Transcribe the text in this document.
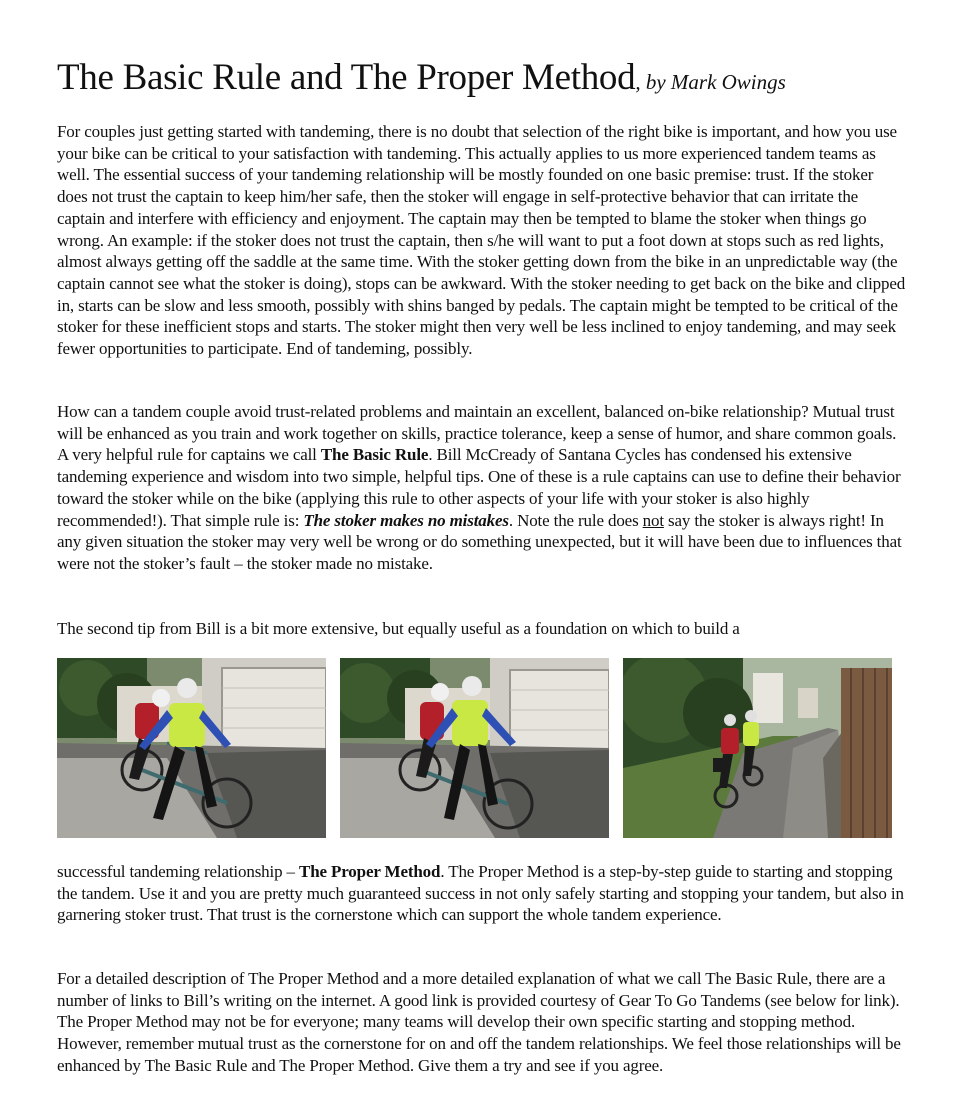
The Basic Rule and The Proper Method, by Mark Owings

For couples just getting started with tandeming, there is no doubt that selection of the right bike is important, and how you use your bike can be critical to your satisfaction with tandeming. This actually applies to us more experienced tandem teams as well. The essential success of your tandeming relationship will be mostly founded on one basic premise: trust. If the stoker does not trust the captain to keep him/her safe, then the stoker will engage in self-protective behavior that can irritate the captain and interfere with efficiency and enjoyment. The captain may then be tempted to blame the stoker when things go wrong. An example: if the stoker does not trust the captain, then s/he will want to put a foot down at stops such as red lights, almost always getting off the saddle at the same time. With the stoker getting down from the bike in an unpredictable way (the captain cannot see what the stoker is doing), stops can be awkward. With the stoker needing to get back on the bike and clipped in, starts can be slow and less smooth, possibly with shins banged by pedals. The captain might be tempted to be critical of the stoker for these inefficient stops and starts. The stoker might then very well be less inclined to enjoy tandeming, and may seek fewer opportunities to participate. End of tandeming, possibly.

How can a tandem couple avoid trust-related problems and maintain an excellent, balanced on-bike relationship? Mutual trust will be enhanced as you train and work together on skills, practice tolerance, keep a sense of humor, and share common goals. A very helpful rule for captains we call The Basic Rule. Bill McCready of Santana Cycles has condensed his extensive tandeming experience and wisdom into two simple, helpful tips. One of these is a rule captains can use to define their behavior toward the stoker while on the bike (applying this rule to other aspects of your life with your stoker is also highly recommended!). That simple rule is: The stoker makes no mistakes. Note the rule does not say the stoker is always right! In any given situation the stoker may very well be wrong or do something unexpected, but it will have been due to influences that were not the stoker’s fault – the stoker made no mistake.

The second tip from Bill is a bit more extensive, but equally useful as a foundation on which to build a

successful tandeming relationship – The Proper Method. The Proper Method is a step-by-step guide to starting and stopping the tandem. Use it and you are pretty much guaranteed success in not only safely starting and stopping your tandem, but also in garnering stoker trust. That trust is the cornerstone which can support the whole tandem experience.

For a detailed description of The Proper Method and a more detailed explanation of what we call The Basic Rule, there are a number of links to Bill’s writing on the internet. A good link is provided courtesy of Gear To Go Tandems (see below for link). The Proper Method may not be for everyone; many teams will develop their own specific starting and stopping method. However, remember mutual trust as the cornerstone for on and off the tandem relationships. We feel those relationships will be enhanced by The Basic Rule and The Proper Method. Give them a try and see if you agree.
